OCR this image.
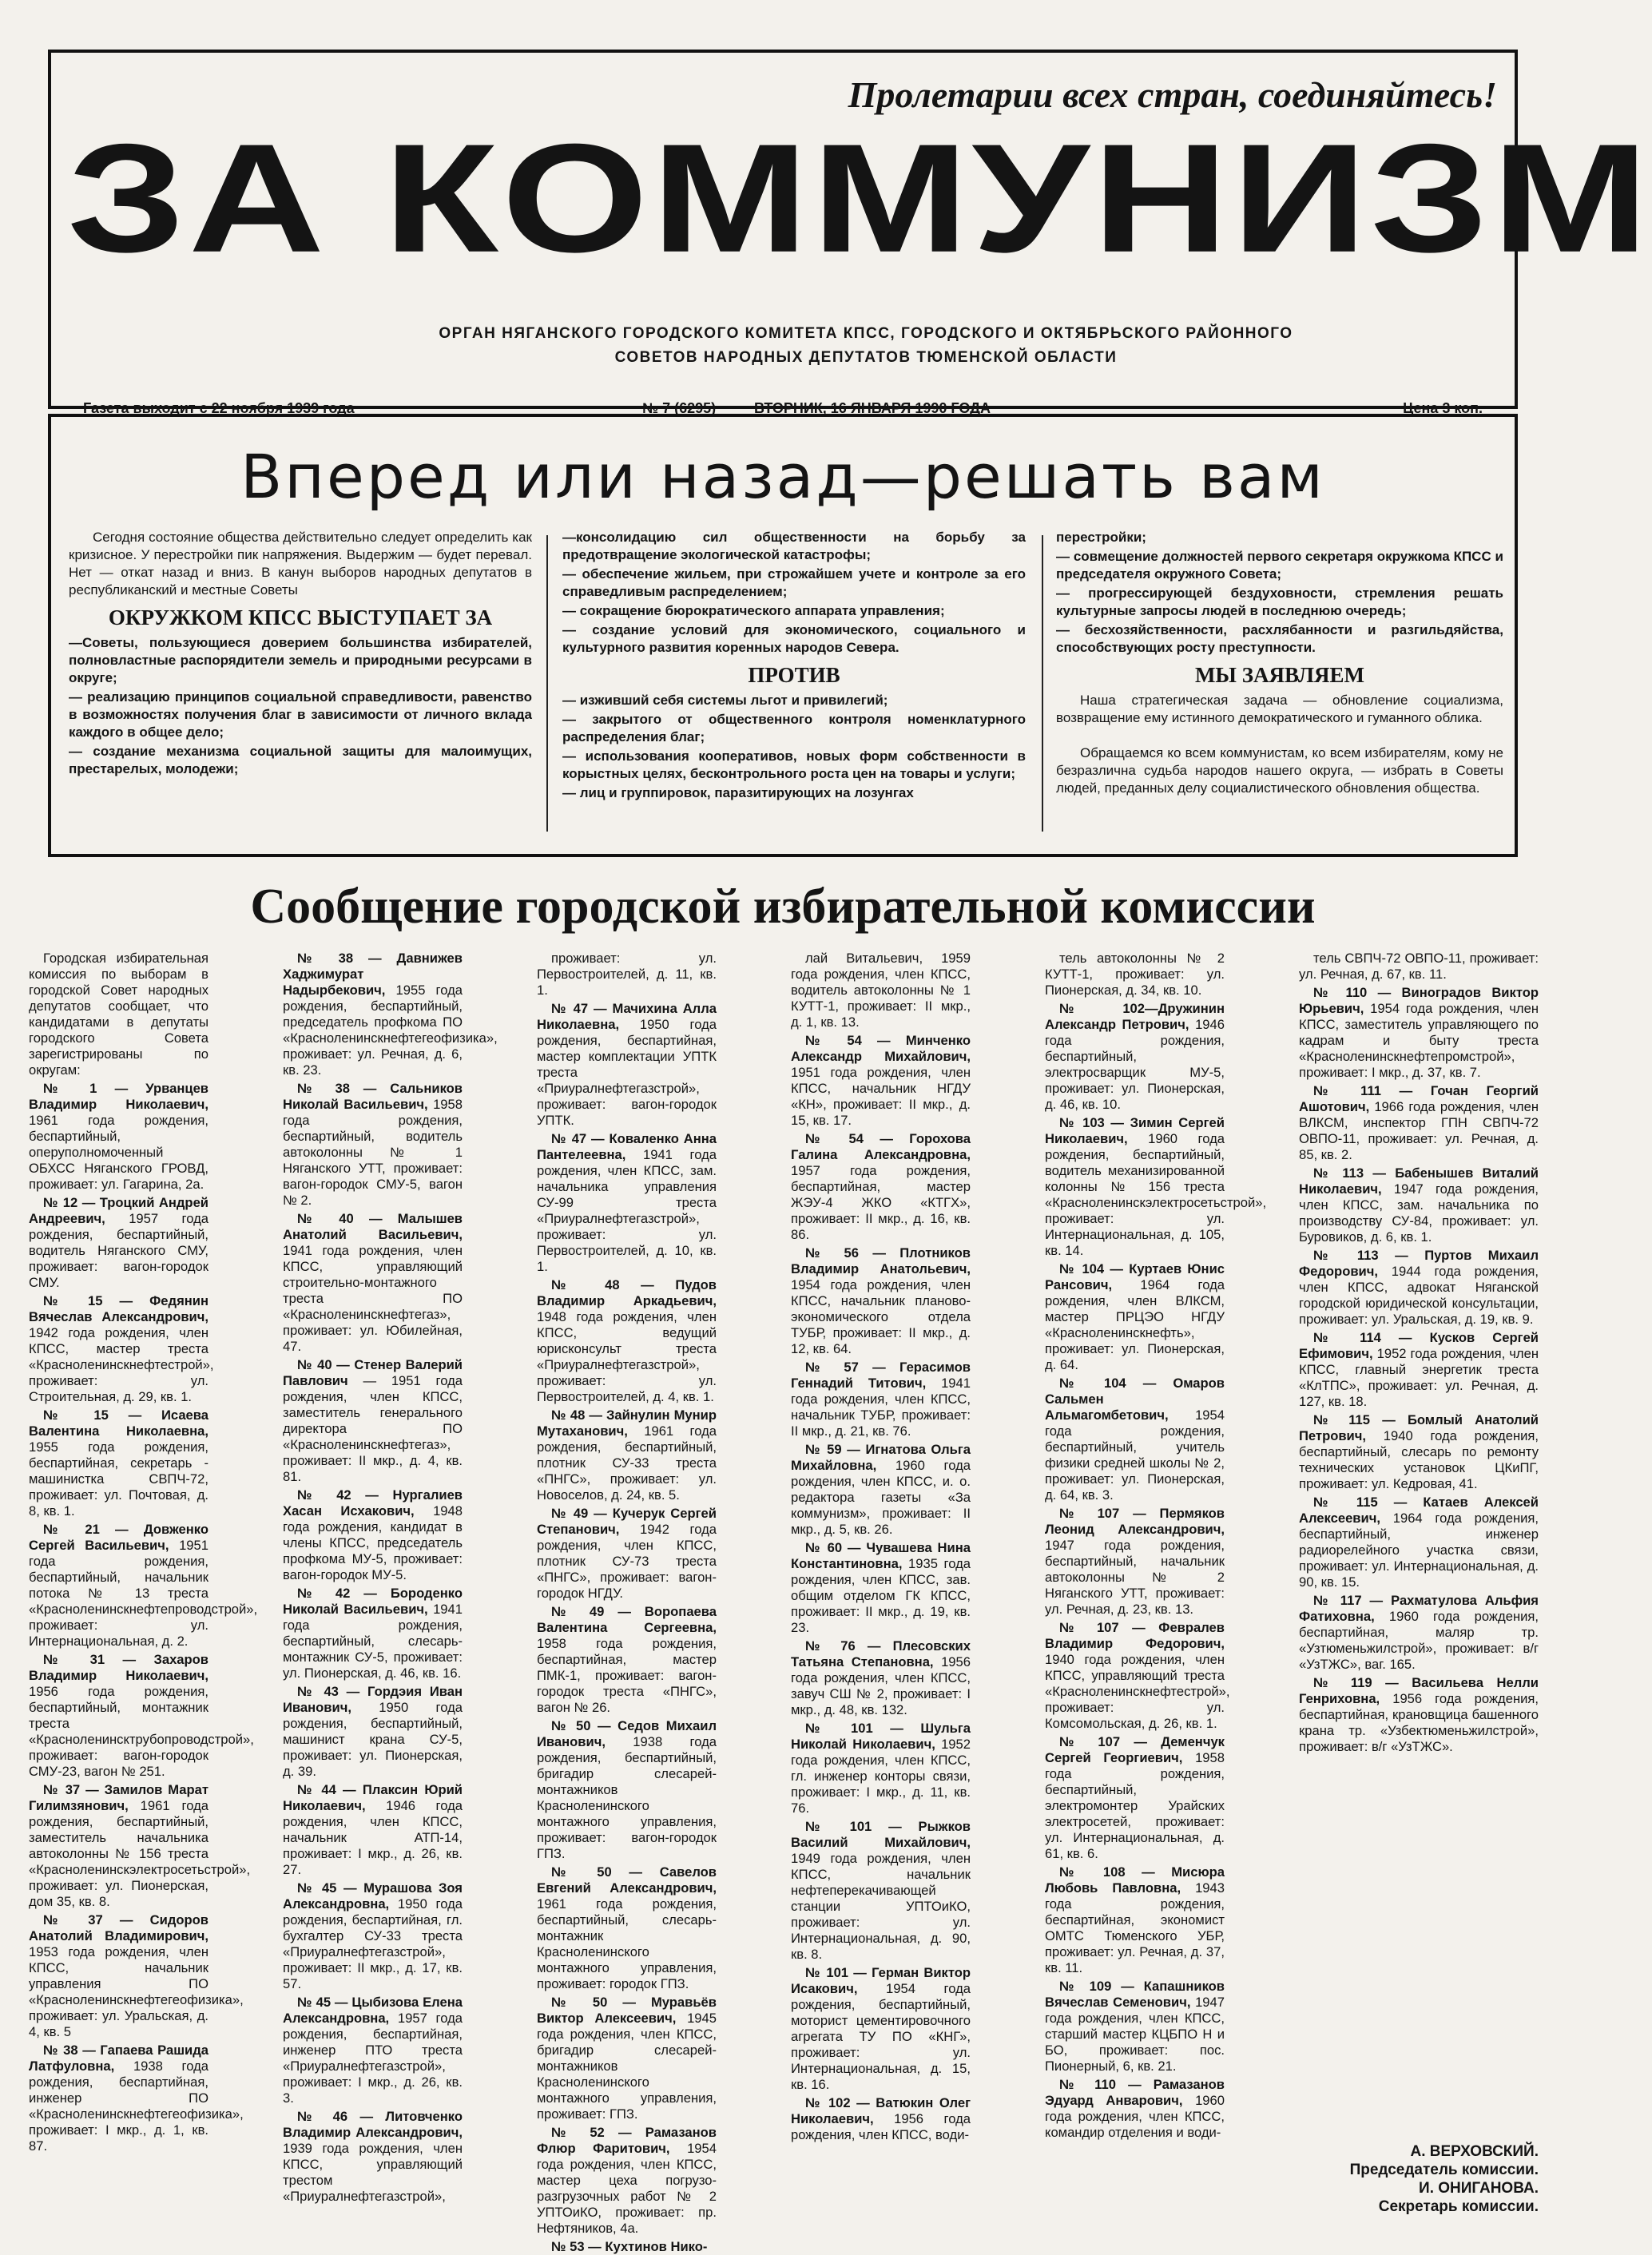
Пролетарии всех стран, соединяйтесь!
ЗА КОММУНИЗМ
ОРГАН НЯГАНСКОГО ГОРОДСКОГО КОМИТЕТА КПСС, ГОРОДСКОГО И ОКТЯБРЬСКОГО РАЙОННОГО
СОВЕТОВ НАРОДНЫХ ДЕПУТАТОВ ТЮМЕНСКОЙ ОБЛАСТИ
Газета выходит с 22 ноября 1939 года	№ 7 (6295)	ВТОРНИК, 16 ЯНВАРЯ 1990 ГОДА	Цена 3 коп.
Вперед или назад—решать вам

Сегодня состояние общества действительно следует определить как кризисное. У перестройки пик напряжения. Выдержим — будет перевал. Нет — откат назад и вниз. В канун выборов народных депутатов в республиканский и местные Советы

ОКРУЖКОМ КПСС ВЫСТУПАЕТ ЗА

—Советы, пользующиеся доверием большинства избирателей, полновластные распорядители земель и природными ресурсами в округе;

— реализацию принципов социальной справедливости, равенство в возможностях получения благ в зависимости от личного вклада каждого в общее дело;

— создание механизма социальной защиты для малоимущих, престарелых, молодежи;

—консолидацию сил общественности на борьбу за предотвращение экологической катастрофы;

— обеспечение жильем, при строжайшем учете и контроле за его справедливым распределением;

— сокращение бюрократического аппарата управления;

— создание условий для экономического, социального и культурного развития коренных народов Севера.

ПРОТИВ

— изживший себя системы льгот и привилегий;

— закрытого от общественного контроля номенклатурного распределения благ;

— использования кооперативов, новых форм собственности в корыстных целях, бесконтрольного роста цен на товары и услуги;

— лиц и группировок, паразитирующих на лозунгах

перестройки;

— совмещение должностей первого секретаря окружкома КПСС и председателя окружного Совета;

— прогрессирующей бездуховности, стремления решать культурные запросы людей в последнюю очередь;

— бесхозяйственности, расхлябанности и разгильдяйства, способствующих росту преступности.

МЫ ЗАЯВЛЯЕМ

Наша стратегическая задача — обновление социализма, возвращение ему истинного демократического и гуманного облика.

Обращаемся ко всем коммунистам, ко всем избирателям, кому не безразлична судьба народов нашего округа, — избрать в Советы людей, преданных делу социалистического обновления общества.

Сообщение городской избирательной комиссии

Городская избирательная комиссия по выборам в городской Совет народных депутатов сообщает, что кандидатами в депутаты городского Совета зарегистрированы по округам:

№ 1 — Урванцев Владимир Николаевич, 1961 года рождения, беспартийный, оперуполномоченный ОБХСС Няганского ГРОВД, проживает: ул. Гагарина, 2а.

№ 12 — Троцкий Андрей Андреевич, 1957 года рождения, беспартийный, водитель Няганского СМУ, проживает: вагон-городок СМУ.

№ 15 — Федянин Вячеслав Александрович, 1942 года рождения, член КПСС, мастер треста «Красноленинскнефтестрой», проживает: ул. Строительная, д. 29, кв. 1.

№ 15 — Исаева Валентина Николаевна, 1955 года рождения, беспартийная, секретарь - машинистка СВПЧ-72, проживает: ул. Почтовая, д. 8, кв. 1.

№ 21 — Довженко Сергей Васильевич, 1951 года рождения, беспартийный, начальник потока № 13 треста «Красноленинскнефтепроводстрой», проживает: ул. Интернациональная, д. 2.

№ 31 — Захаров Владимир Николаевич, 1956 года рождения, беспартийный, монтажник треста «Красноленинсктрубопроводстрой», проживает: вагон-городок СМУ-23, вагон № 251.

№ 37 — Замилов Марат Гилимзянович, 1961 года рождения, беспартийный, заместитель начальника автоколонны № 156 треста «Красноленинскэлектросетьстрой», проживает: ул. Пионерская, дом 35, кв. 8.

№ 37 — Сидоров Анатолий Владимирович, 1953 года рождения, член КПСС, начальник управления ПО «Красноленинскнефтегеофизика», проживает: ул. Уральская, д. 4, кв. 5

№ 38 — Гапаева Рашида Латфуловна, 1938 года рождения, беспартийная, инженер ПО «Красноленинскнефтегеофизика», проживает: I мкр., д. 1, кв. 87.

№ 38 — Давнижев Хаджимурат Надырбекович, 1955 года рождения, беспартийный, председатель профкома ПО «Красноленинскнефтегеофизика», проживает: ул. Речная, д. 6, кв. 23.

№ 38 — Сальников Николай Васильевич, 1958 года рождения, беспартийный, водитель автоколонны № 1 Няганского УТТ, проживает: вагон-городок СМУ-5, вагон № 2.

№ 40 — Малышев Анатолий Васильевич, 1941 года рождения, член КПСС, управляющий строительно-монтажного треста ПО «Красноленинскнефтегаз», проживает: ул. Юбилейная, 47.

№ 40 — Стенер Валерий Павлович — 1951 года рождения, член КПСС, заместитель генерального директора ПО «Красноленинскнефтегаз», проживает: II мкр., д. 4, кв. 81.

№ 42 — Нургалиев Хасан Исхакович, 1948 года рождения, кандидат в члены КПСС, председатель профкома МУ-5, проживает: вагон-городок МУ-5.

№ 42 — Бороденко Николай Васильевич, 1941 года рождения, беспартийный, слесарь-монтажник СУ-5, проживает: ул. Пионерская, д. 46, кв. 16.

№ 43 — Гордэия Иван Иванович, 1950 года рождения, беспартийный, машинист крана СУ-5, проживает: ул. Пионерская, д. 39.

№ 44 — Плаксин Юрий Николаевич, 1946 года рождения, член КПСС, начальник АТП-14, проживает: I мкр., д. 26, кв. 27.

№ 45 — Мурашова Зоя Александровна, 1950 года рождения, беспартийная, гл. бухгалтер СУ-33 треста «Приуралнефтегазстрой», проживает: II мкр., д. 17, кв. 57.

№ 45 — Цыбизова Елена Александровна, 1957 года рождения, беспартийная, инженер ПТО треста «Приуралнефтегазстрой», проживает: I мкр., д. 26, кв. 3.

№ 46 — Литовченко Владимир Александрович, 1939 года рождения, член КПСС, управляющий трестом «Приуралнефтегазстрой»,

проживает: ул. Первостроителей, д. 11, кв. 1.

№ 47 — Мачихина Алла Николаевна, 1950 года рождения, беспартийная, мастер комплектации УПТК треста «Приуралнефтегазстрой», проживает: вагон-городок УПТК.

№ 47 — Коваленко Анна Пантелеевна, 1941 года рождения, член КПСС, зам. начальника управления СУ-99 треста «Приуралнефтегазстрой», проживает: ул. Первостроителей, д. 10, кв. 1.

№ 48 — Пудов Владимир Аркадьевич, 1948 года рождения, член КПСС, ведущий юрисконсульт треста «Приуралнефтегазстрой», проживает: ул. Первостроителей, д. 4, кв. 1.

№ 48 — Зайнулин Мунир Мутаханович, 1961 года рождения, беспартийный, плотник СУ-33 треста «ПНГС», проживает: ул. Новоселов, д. 24, кв. 5.

№ 49 — Кучерук Сергей Степанович, 1942 года рождения, член КПСС, плотник СУ-73 треста «ПНГС», проживает: вагон-городок НГДУ.

№ 49 — Воропаева Валентина Сергеевна, 1958 года рождения, беспартийная, мастер ПМК-1, проживает: вагон-городок треста «ПНГС», вагон № 26.

№ 50 — Седов Михаил Иванович, 1938 года рождения, беспартийный, бригадир слесарей-монтажников Красноленинского монтажного управления, проживает: вагон-городок ГПЗ.

№ 50 — Савелов Евгений Александрович, 1961 года рождения, беспартийный, слесарь-монтажник Красноленинского монтажного управления, проживает: городок ГПЗ.

№ 50 — Муравьёв Виктор Алексеевич, 1945 года рождения, член КПСС, бригадир слесарей-монтажников Красноленинского монтажного управления, проживает: ГПЗ.

№ 52 — Рамазанов Флюр Фаритович, 1954 года рождения, член КПСС, мастер цеха погрузо-разгрузочных работ № 2 УПТОиКО, проживает: пр. Нефтяников, 4а.

№ 53 — Кухтинов Нико-

лай Витальевич, 1959 года рождения, член КПСС, водитель автоколонны № 1 КУТТ-1, проживает: II мкр., д. 1, кв. 13.

№ 54 — Минченко Александр Михайлович, 1951 года рождения, член КПСС, начальник НГДУ «КН», проживает: II мкр., д. 15, кв. 17.

№ 54 — Горохова Галина Александровна, 1957 года рождения, беспартийная, мастер ЖЭУ-4 ЖКО «КТГХ», проживает: II мкр., д. 16, кв. 86.

№ 56 — Плотников Владимир Анатольевич, 1954 года рождения, член КПСС, начальник планово-экономического отдела ТУБР, проживает: II мкр., д. 12, кв. 64.

№ 57 — Герасимов Геннадий Титович, 1941 года рождения, член КПСС, начальник ТУБР, проживает: II мкр., д. 21, кв. 76.

№ 59 — Игнатова Ольга Михайловна, 1960 года рождения, член КПСС, и. о. редактора газеты «За коммунизм», проживает: II мкр., д. 5, кв. 26.

№ 60 — Чувашева Нина Константиновна, 1935 года рождения, член КПСС, зав. общим отделом ГК КПСС, проживает: II мкр., д. 19, кв. 23.

№ 76 — Плесовских Татьяна Степановна, 1956 года рождения, член КПСС, завуч СШ № 2, проживает: I мкр., д. 48, кв. 132.

№ 101 — Шульга Николай Николаевич, 1952 года рождения, член КПСС, гл. инженер конторы связи, проживает: I мкр., д. 11, кв. 76.

№ 101 — Рыжков Василий Михайлович, 1949 года рождения, член КПСС, начальник нефтеперекачивающей станции УПТОиКО, проживает: ул. Интернациональная, д. 90, кв. 8.

№ 101 — Герман Виктор Исакович, 1954 года рождения, беспартийный, моторист цементировочного агрегата ТУ ПО «КНГ», проживает: ул. Интернациональная, д. 15, кв. 16.

№ 102 — Ватюкин Олег Николаевич, 1956 года рождения, член КПСС, води-

тель автоколонны № 2 КУТТ-1, проживает: ул. Пионерская, д. 34, кв. 10.

№ 102—Дружинин Александр Петрович, 1946 года рождения, беспартийный, электросварщик МУ-5, проживает: ул. Пионерская, д. 46, кв. 10.

№ 103 — Зимин Сергей Николаевич, 1960 года рождения, беспартийный, водитель механизированной колонны № 156 треста «Красноленинскэлектросетьстрой», проживает: ул. Интернациональная, д. 105, кв. 14.

№ 104 — Куртаев Юнис Рансович, 1964 года рождения, член ВЛКСМ, мастер ПРЦЭО НГДУ «Красноленинскнефть», проживает: ул. Пионерская, д. 64.

№ 104 — Омаров Сальмен Альмагомбетович, 1954 года рождения, беспартийный, учитель физики средней школы № 2, проживает: ул. Пионерская, д. 64, кв. 3.

№ 107 — Пермяков Леонид Александрович, 1947 года рождения, беспартийный, начальник автоколонны № 2 Няганского УТТ, проживает: ул. Речная, д. 23, кв. 13.

№ 107 — Февралев Владимир Федорович, 1940 года рождения, член КПСС, управляющий треста «Красноленинскнефтестрой», проживает: ул. Комсомольская, д. 26, кв. 1.

№ 107 — Деменчук Сергей Георгиевич, 1958 года рождения, беспартийный, электромонтер Урайских электросетей, проживает: ул. Интернациональная, д. 61, кв. 6.

№ 108 — Мисюра Любовь Павловна, 1943 года рождения, беспартийная, экономист ОМТС Тюменского УБР, проживает: ул. Речная, д. 37, кв. 11.

№ 109 — Капашников Вячеслав Семенович, 1947 года рождения, член КПСС, старший мастер КЦБПО Н и БО, проживает: пос. Пионерный, 6, кв. 21.

№ 110 — Рамазанов Эдуард Анварович, 1960 года рождения, член КПСС, командир отделения и води-

тель СВПЧ-72 ОВПО-11, проживает: ул. Речная, д. 67, кв. 11.

№ 110 — Виноградов Виктор Юрьевич, 1954 года рождения, член КПСС, заместитель управляющего по кадрам и быту треста «Красноленинскнефтепромстрой», проживает: I мкр., д. 37, кв. 7.

№ 111 — Гочан Георгий Ашотович, 1966 года рождения, член ВЛКСМ, инспектор ГПН СВПЧ-72 ОВПО-11, проживает: ул. Речная, д. 85, кв. 2.

№ 113 — Бабенышев Виталий Николаевич, 1947 года рождения, член КПСС, зам. начальника по производству СУ-84, проживает: ул. Буровиков, д. 6, кв. 1.

№ 113 — Пуртов Михаил Федорович, 1944 года рождения, член КПСС, адвокат Няганской городской юридической консультации, проживает: ул. Уральская, д. 19, кв. 9.

№ 114 — Кусков Сергей Ефимович, 1952 года рождения, член КПСС, главный энергетик треста «КлТПС», проживает: ул. Речная, д. 127, кв. 18.

№ 115 — Бомлый Анатолий Петрович, 1940 года рождения, беспартийный, слесарь по ремонту технических установок ЦКиПГ, проживает: ул. Кедровая, 41.

№ 115 — Катаев Алексей Алексеевич, 1964 года рождения, беспартийный, инженер радиорелейного участка связи, проживает: ул. Интернациональная, д. 90, кв. 15.

№ 117 — Рахматулова Альфия Фатиховна, 1960 года рождения, беспартийная, маляр тр. «Узтюменьжилстрой», проживает: в/г «УзТЖС», ваг. 165.

№ 119 — Васильева Нелли Генриховна, 1956 года рождения, беспартийная, крановщица башенного крана тр. «Узбектюменьжилстрой», проживает: в/г «УзТЖС».

А. ВЕРХОВСКИЙ.
Председатель комиссии.
И. ОНИГАНОВА.
Секретарь комиссии.
